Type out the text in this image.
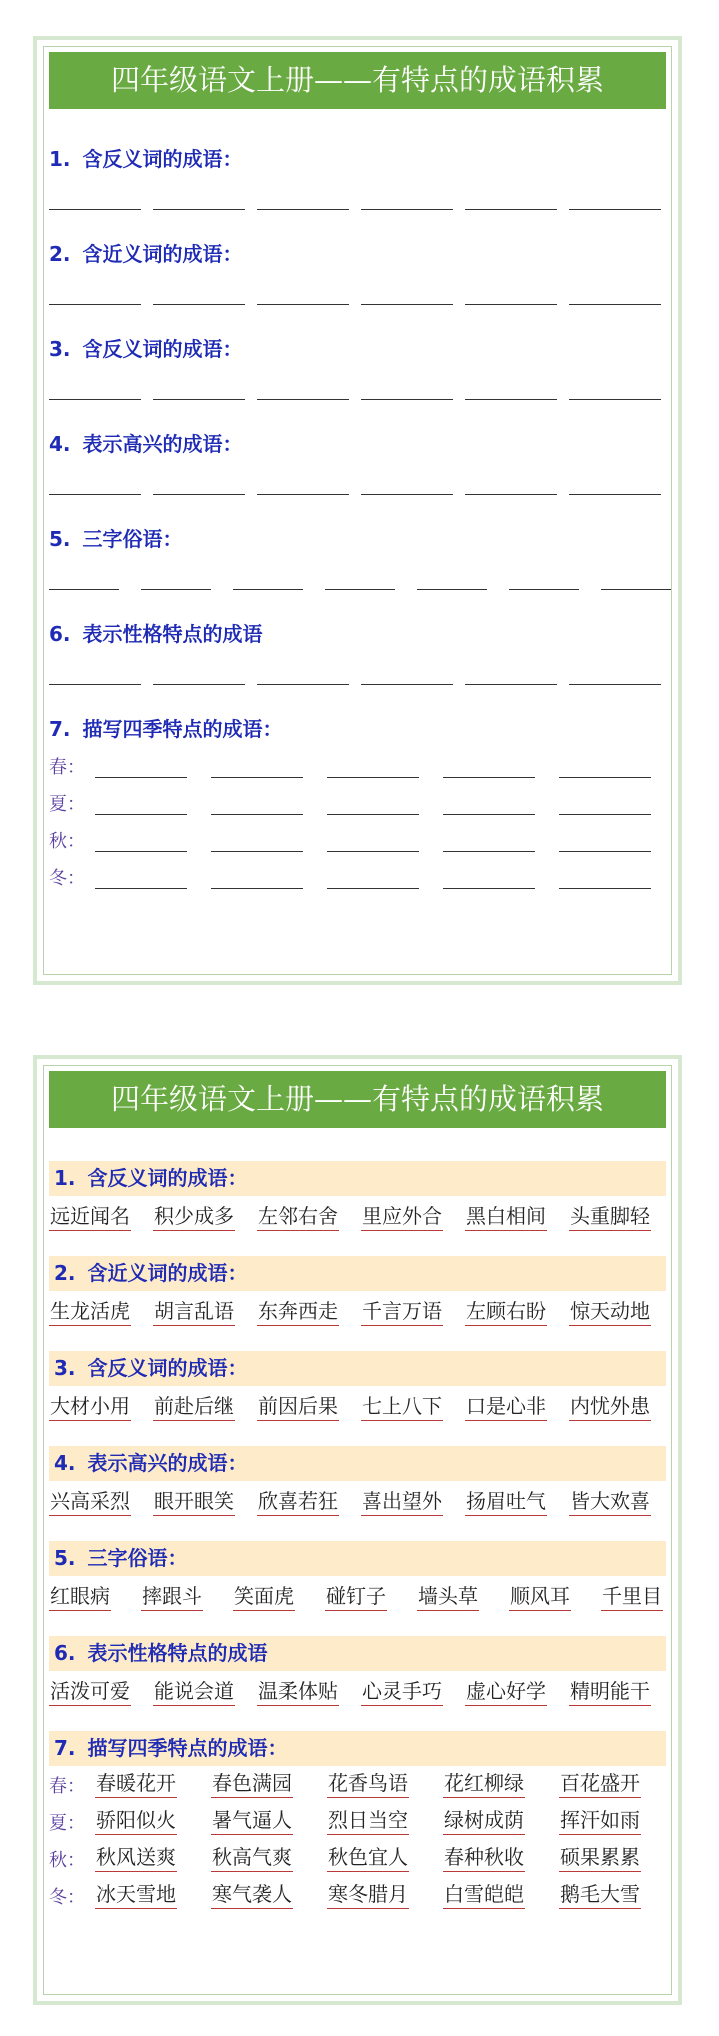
四年级语文上册——有特点的成语积累
1. 含反义词的成语：
2. 含近义词的成语：
3. 含反义词的成语：
4. 表示高兴的成语：
5. 三字俗语：
6. 表示性格特点的成语
7. 描写四季特点的成语：
春：
夏：
秋：
冬：
四年级语文上册——有特点的成语积累
1. 含反义词的成语：
远近闻名 积少成多 左邻右舍 里应外合 黑白相间 头重脚轻
2. 含近义词的成语：
生龙活虎 胡言乱语 东奔西走 千言万语 左顾右盼 惊天动地
3. 含反义词的成语：
大材小用 前赴后继 前因后果 七上八下 口是心非 内忧外患
4. 表示高兴的成语：
兴高采烈 眼开眼笑 欣喜若狂 喜出望外 扬眉吐气 皆大欢喜
5. 三字俗语：
红眼病 摔跟斗 笑面虎 碰钉子 墙头草 顺风耳 千里目
6. 表示性格特点的成语
活泼可爱 能说会道 温柔体贴 心灵手巧 虚心好学 精明能干
7. 描写四季特点的成语：
春： 春暖花开 春色满园 花香鸟语 花红柳绿 百花盛开
夏： 骄阳似火 暑气逼人 烈日当空 绿树成荫 挥汗如雨
秋： 秋风送爽 秋高气爽 秋色宜人 春种秋收 硕果累累
冬： 冰天雪地 寒气袭人 寒冬腊月 白雪皑皑 鹅毛大雪
